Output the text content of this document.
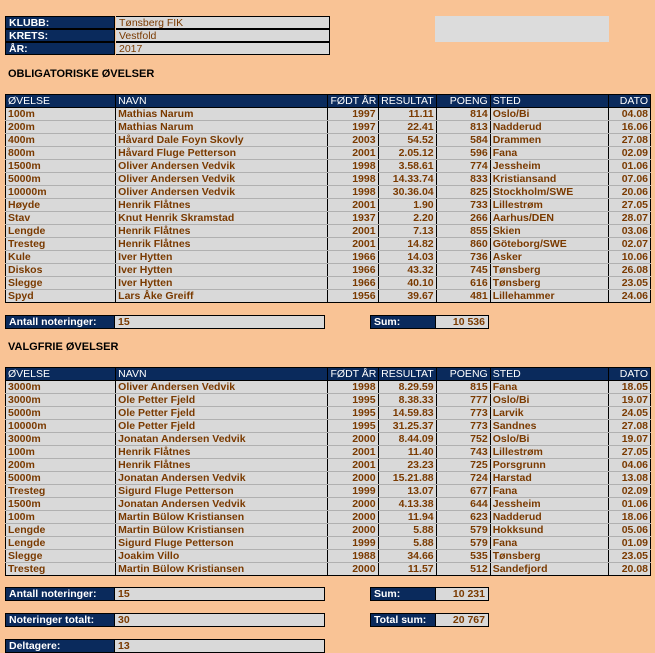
KLUBB:	Tønsberg FIK
KRETS:	Vestfold
ÅR:	2017
OBLIGATORISKE ØVELSER
ØVELSE	NAVN	FØDT ÅR	RESULTAT	POENG	STED	DATO
100m	Mathias Narum	1997	11.11	814	Oslo/Bi	04.08
200m	Mathias Narum	1997	22.41	813	Nadderud	16.06
400m	Håvard Dale Foyn Skovly	2003	54.52	584	Drammen	27.08
800m	Håvard Fluge Petterson	2001	2.05.12	596	Fana	02.09
1500m	Oliver Andersen Vedvik	1998	3.58.61	774	Jessheim	01.06
5000m	Oliver Andersen Vedvik	1998	14.33.74	833	Kristiansand	07.06
10000m	Oliver Andersen Vedvik	1998	30.36.04	825	Stockholm/SWE	20.06
Høyde	Henrik Flåtnes	2001	1.90	733	Lillestrøm	27.05
Stav	Knut Henrik Skramstad	1937	2.20	266	Aarhus/DEN	28.07
Lengde	Henrik Flåtnes	2001	7.13	855	Skien	03.06
Tresteg	Henrik Flåtnes	2001	14.82	860	Göteborg/SWE	02.07
Kule	Iver Hytten	1966	14.03	736	Asker	10.06
Diskos	Iver Hytten	1966	43.32	745	Tønsberg	26.08
Slegge	Iver Hytten	1966	40.10	616	Tønsberg	23.05
Spyd	Lars Åke Greiff	1956	39.67	481	Lillehammer	24.06
Antall noteringer:	15	Sum:	10 536
VALGFRIE ØVELSER
ØVELSE	NAVN	FØDT ÅR	RESULTAT	POENG	STED	DATO
3000m	Oliver Andersen Vedvik	1998	8.29.59	815	Fana	18.05
3000m	Ole Petter Fjeld	1995	8.38.33	777	Oslo/Bi	19.07
5000m	Ole Petter Fjeld	1995	14.59.83	773	Larvik	24.05
10000m	Ole Petter Fjeld	1995	31.25.37	773	Sandnes	27.08
3000m	Jonatan Andersen Vedvik	2000	8.44.09	752	Oslo/Bi	19.07
100m	Henrik Flåtnes	2001	11.40	743	Lillestrøm	27.05
200m	Henrik Flåtnes	2001	23.23	725	Porsgrunn	04.06
5000m	Jonatan Andersen Vedvik	2000	15.21.88	724	Harstad	13.08
Tresteg	Sigurd Fluge Petterson	1999	13.07	677	Fana	02.09
1500m	Jonatan Andersen Vedvik	2000	4.13.38	644	Jessheim	01.06
100m	Martin Bülow Kristiansen	2000	11.94	623	Nadderud	18.06
Lengde	Martin Bülow Kristiansen	2000	5.88	579	Hokksund	05.06
Lengde	Sigurd Fluge Petterson	1999	5.88	579	Fana	01.09
Slegge	Joakim Villo	1988	34.66	535	Tønsberg	23.05
Tresteg	Martin Bülow Kristiansen	2000	11.57	512	Sandefjord	20.08
Antall noteringer:	15	Sum:	10 231
Noteringer totalt:	30	Total sum:	20 767
Deltagere:	13
